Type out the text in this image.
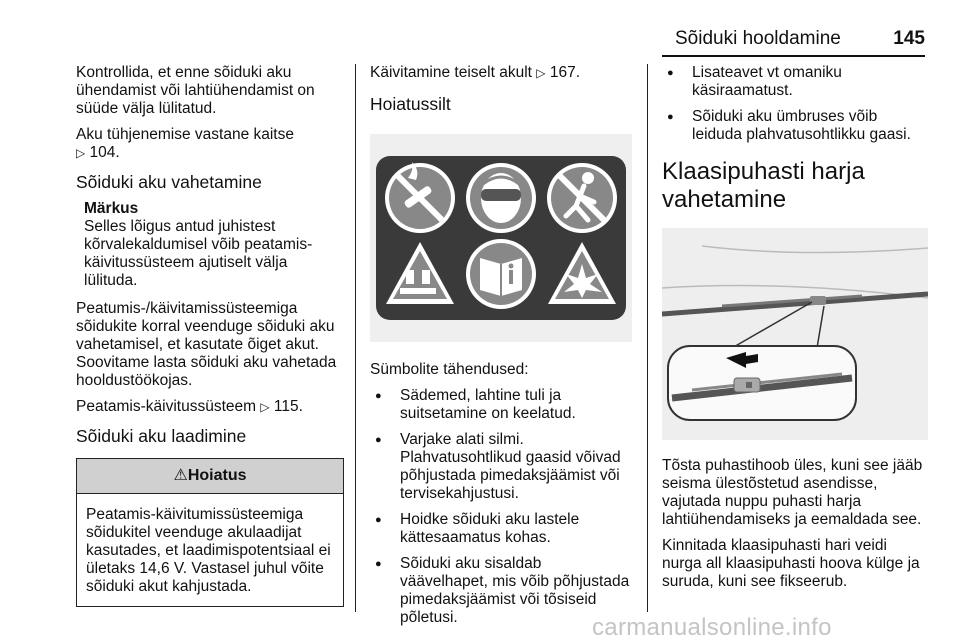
Sõiduki hooldamine	145

Kontrollida, et enne sõiduki aku ühendamist või lahtiühendamist on süüde välja lülitatud.

Aku tühjenemise vastane kaitse
▷ 104.

Sõiduki aku vahetamine
Märkus
Selles lõigus antud juhistest kõrvalekaldumisel võib peatamis-käivitussüsteem ajutiselt välja lülituda.

Peatumis-/käivitamissüsteemiga sõidukite korral veenduge sõiduki aku vahetamisel, et kasutate õiget akut. Soovitame lasta sõiduki aku vahetada hooldustöökojas.

Peatamis-käivitussüsteem ▷ 115.

Sõiduki aku laadimine
⚠Hoiatus
Peatamis-käivitumissüsteemiga sõidukitel veenduge akulaadijat kasutades, et laadimispotentsiaal ei ületaks 14,6 V. Vastasel juhul võite sõiduki akut kahjustada.

Käivitamine teiselt akult ▷ 167.

Hoiatussilt

Sümbolite tähendused:

● Sädemed, lahtine tuli ja suitsetamine on keelatud.
● Varjake alati silmi. Plahvatusohtlikud gaasid võivad põhjustada pimedaksjäämist või tervisekahjustusi.
● Hoidke sõiduki aku lastele kättesaamatus kohas.
● Sõiduki aku sisaldab väävelhapet, mis võib põhjustada pimedaksjäämist või tõsiseid põletusi.
● Lisateavet vt omaniku käsiraamatust.
● Sõiduki aku ümbruses võib leiduda plahvatusohtlikku gaasi.
Klaasipuhasti harja vahetamine

Tõsta puhastihoob üles, kuni see jääb seisma ülestõstetud asendisse, vajutada nuppu puhasti harja lahtiühendamiseks ja eemaldada see.

Kinnitada klaasipuhasti hari veidi nurga all klaasipuhasti hoova külge ja suruda, kuni see fikseerub.

carmanualsonline.info
